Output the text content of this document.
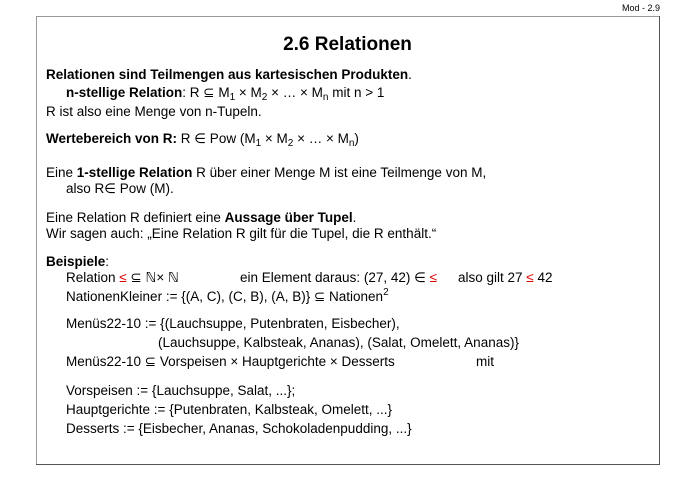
Mod - 2.9
2.6 Relationen
Relationen sind Teilmengen aus kartesischen Produkten.
n-stellige Relation: R ⊆ $M_1 \times M_2$ × … × $M_n$ mit n > 1
R ist also eine Menge von n-Tupeln.
Wertebereich von R: R ∈ Pow ($M_1 \times M_2$ × … × $M_n$)
Eine 1-stellige Relation R über einer Menge M ist eine Teilmenge von M,
also R∈ Pow (M).
Eine Relation R definiert eine Aussage über Tupel.
Wir sagen auch: „Eine Relation R gilt für die Tupel, die R enthält.“
Beispiele:
Relation ≤ ⊆ ℕ× ℕ	ein Element daraus: (27, 42) ∈ ≤ also gilt 27 ≤ 42
NationenKleiner := {(A, C), (C, B), (A, B)} ⊆ Nationen$^2$
Menüs22-10 := {(Lauchsuppe, Putenbraten, Eisbecher),
(Lauchsuppe, Kalbsteak, Ananas), (Salat, Omelett, Ananas)}
Menüs22-10 ⊆ Vorspeisen × Hauptgerichte × Desserts	mit
Vorspeisen := {Lauchsuppe, Salat, ...};
Hauptgerichte := {Putenbraten, Kalbsteak, Omelett, ...}
Desserts := {Eisbecher, Ananas, Schokoladenpudding, ...}
